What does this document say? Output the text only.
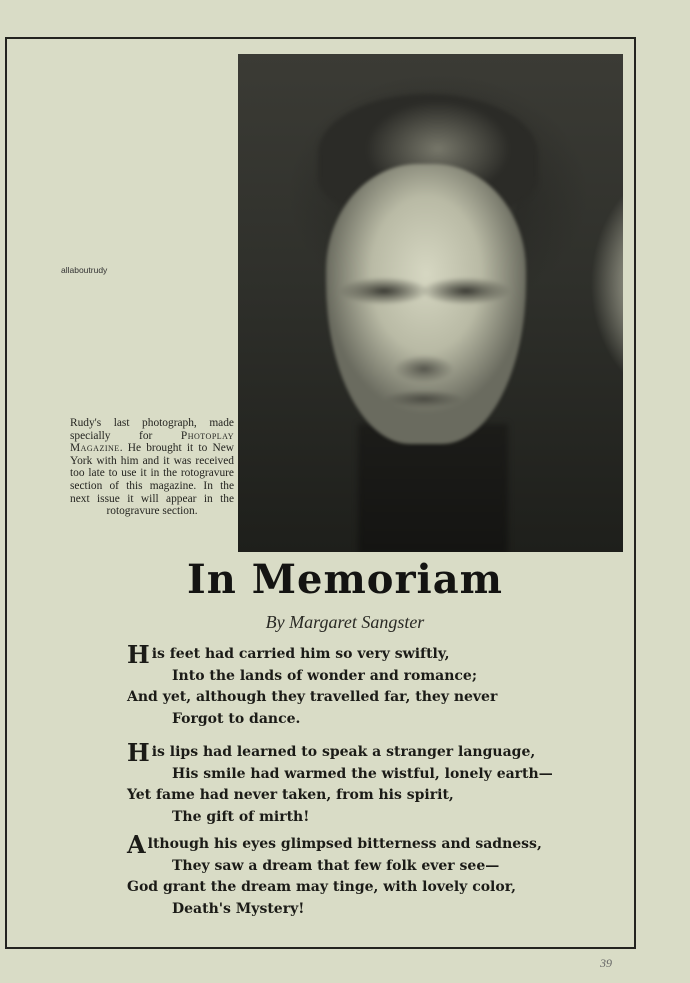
allaboutrudy
Rudy's last photograph, made specially for Photoplay Magazine. He brought it to New York with him and it was received too late to use it in the rotogravure section of this magazine. In the next issue it will appear in the rotogravure section.
In Memoriam
By Margaret Sangster
His feet had carried him so very swiftly,
Into the lands of wonder and romance;
And yet, although they travelled far, they never
Forgot to dance.
His lips had learned to speak a stranger language,
His smile had warmed the wistful, lonely earth—
Yet fame had never taken, from his spirit,
The gift of mirth!
Although his eyes glimpsed bitterness and sadness,
They saw a dream that few folk ever see—
God grant the dream may tinge, with lovely color,
Death's Mystery!
39
